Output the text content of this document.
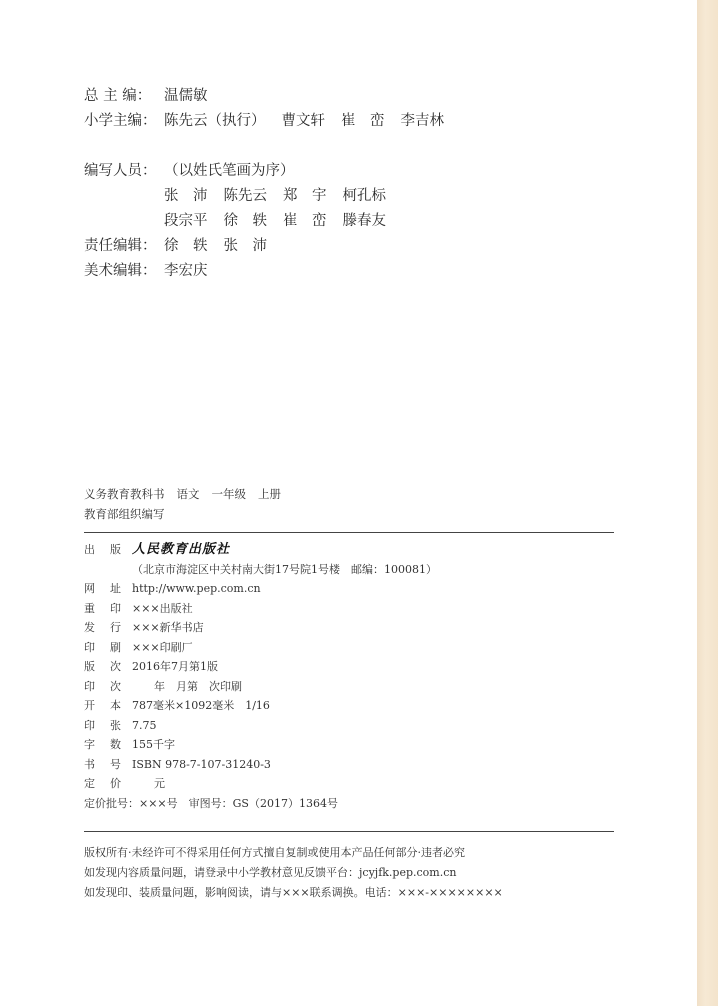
总 主 编： 温儒敏
小学主编： 陈先云（执行） 曹文轩 崔　峦 李吉林
编写人员： （以姓氏笔画为序）
张　沛 陈先云 郑　宇 柯孔标
段宗平 徐　轶 崔　峦 滕春友
责任编辑： 徐　轶 张　沛
美术编辑： 李宏庆
义务教育教科书 语文 一年级 上册
教育部组织编写
出 版 人民教育出版社
（北京市海淀区中关村南大街17号院1号楼　邮编：100081）
网 址 http://www.pep.com.cn
重 印 ×××出版社
发 行 ×××新华书店
印 刷 ×××印刷厂
版 次 2016年7月第1版
印 次	年　月第　次印刷
开 本 787毫米×1092毫米　1/16
印 张 7.75
字 数 155千字
书 号 ISBN 978-7-107-31240-3
定 价	元
定价批号：×××号　审图号：GS（2017）1364号
版权所有·未经许可不得采用任何方式擅自复制或使用本产品任何部分·违者必究
如发现内容质量问题，请登录中小学教材意见反馈平台：jcyjfk.pep.com.cn
如发现印、装质量问题，影响阅读，请与×××联系调换。电话：×××-××××××××
